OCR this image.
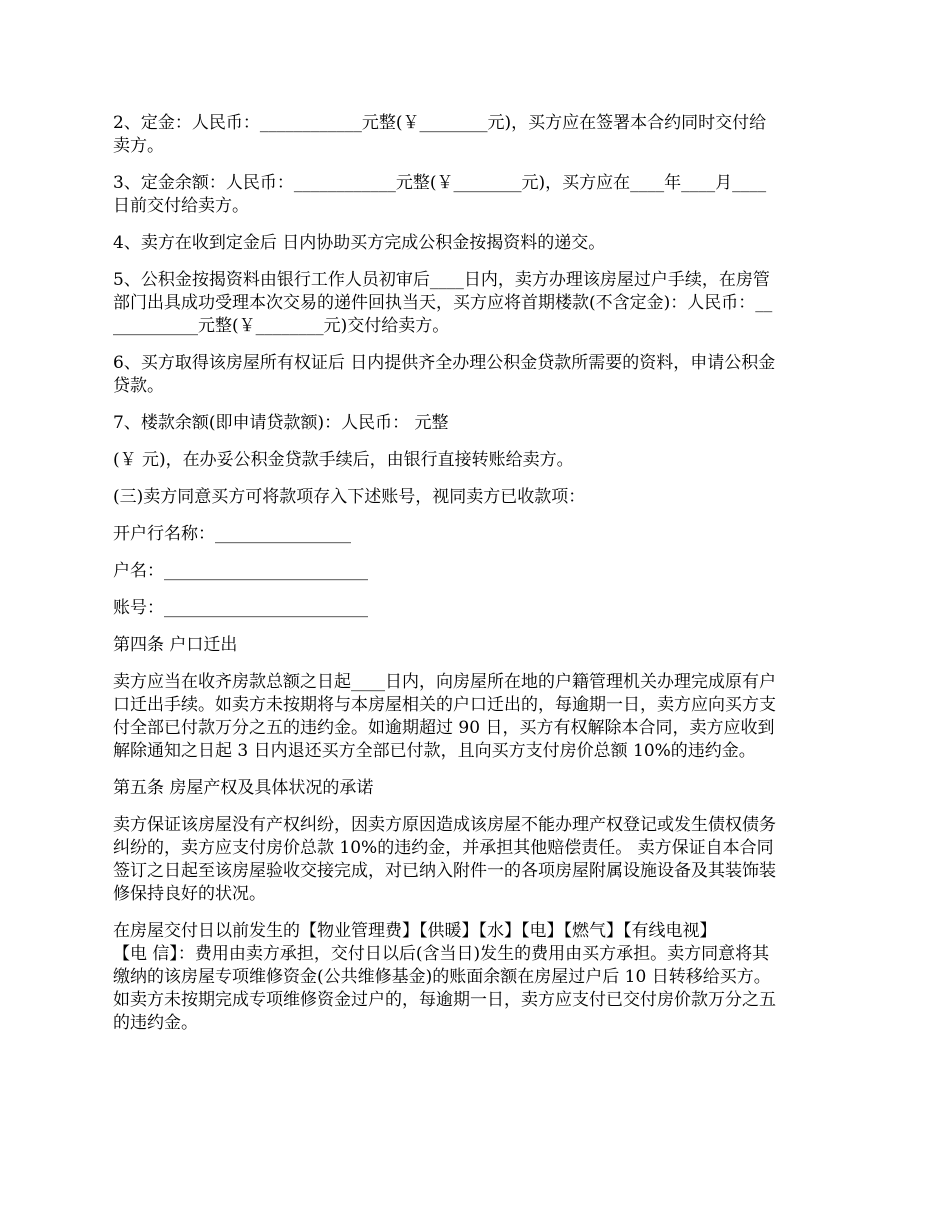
2、定金：人民币：____________元整(￥________元)，买方应在签署本合约同时交付给
卖方。
3、定金余额：人民币：____________元整(￥________元)，买方应在____年____月____
日前交付给卖方。
4、卖方在收到定金后 日内协助买方完成公积金按揭资料的递交。
5、公积金按揭资料由银行工作人员初审后____日内，卖方办理该房屋过户手续，在房管
部门出具成功受理本次交易的递件回执当天，买方应将首期楼款(不含定金)：人民币：__
__________元整(￥________元)交付给卖方。
6、买方取得该房屋所有权证后 日内提供齐全办理公积金贷款所需要的资料，申请公积金
贷款。
7、楼款余额(即申请贷款额)：人民币： 元整
(￥ 元)，在办妥公积金贷款手续后，由银行直接转账给卖方。
(三)卖方同意买方可将款项存入下述账号，视同卖方已收款项：
开户行名称：________________
户名：________________________
账号：________________________
第四条 户口迁出
卖方应当在收齐房款总额之日起____日内，向房屋所在地的户籍管理机关办理完成原有户
口迁出手续。如卖方未按期将与本房屋相关的户口迁出的，每逾期一日，卖方应向买方支
付全部已付款万分之五的违约金。如逾期超过 90 日，买方有权解除本合同，卖方应收到
解除通知之日起 3 日内退还买方全部已付款，且向买方支付房价总额 10%的违约金。
第五条 房屋产权及具体状况的承诺
卖方保证该房屋没有产权纠纷，因卖方原因造成该房屋不能办理产权登记或发生债权债务
纠纷的，卖方应支付房价总款 10%的违约金，并承担其他赔偿责任。 卖方保证自本合同
签订之日起至该房屋验收交接完成，对已纳入附件一的各项房屋附属设施设备及其装饰装
修保持良好的状况。
在房屋交付日以前发生的【物业管理费】【供暖】【水】【电】【燃气】【有线电视】
【电 信】：费用由卖方承担，交付日以后(含当日)发生的费用由买方承担。卖方同意将其
缴纳的该房屋专项维修资金(公共维修基金)的账面余额在房屋过户后 10 日转移给买方。
如卖方未按期完成专项维修资金过户的，每逾期一日，卖方应支付已交付房价款万分之五
的违约金。
